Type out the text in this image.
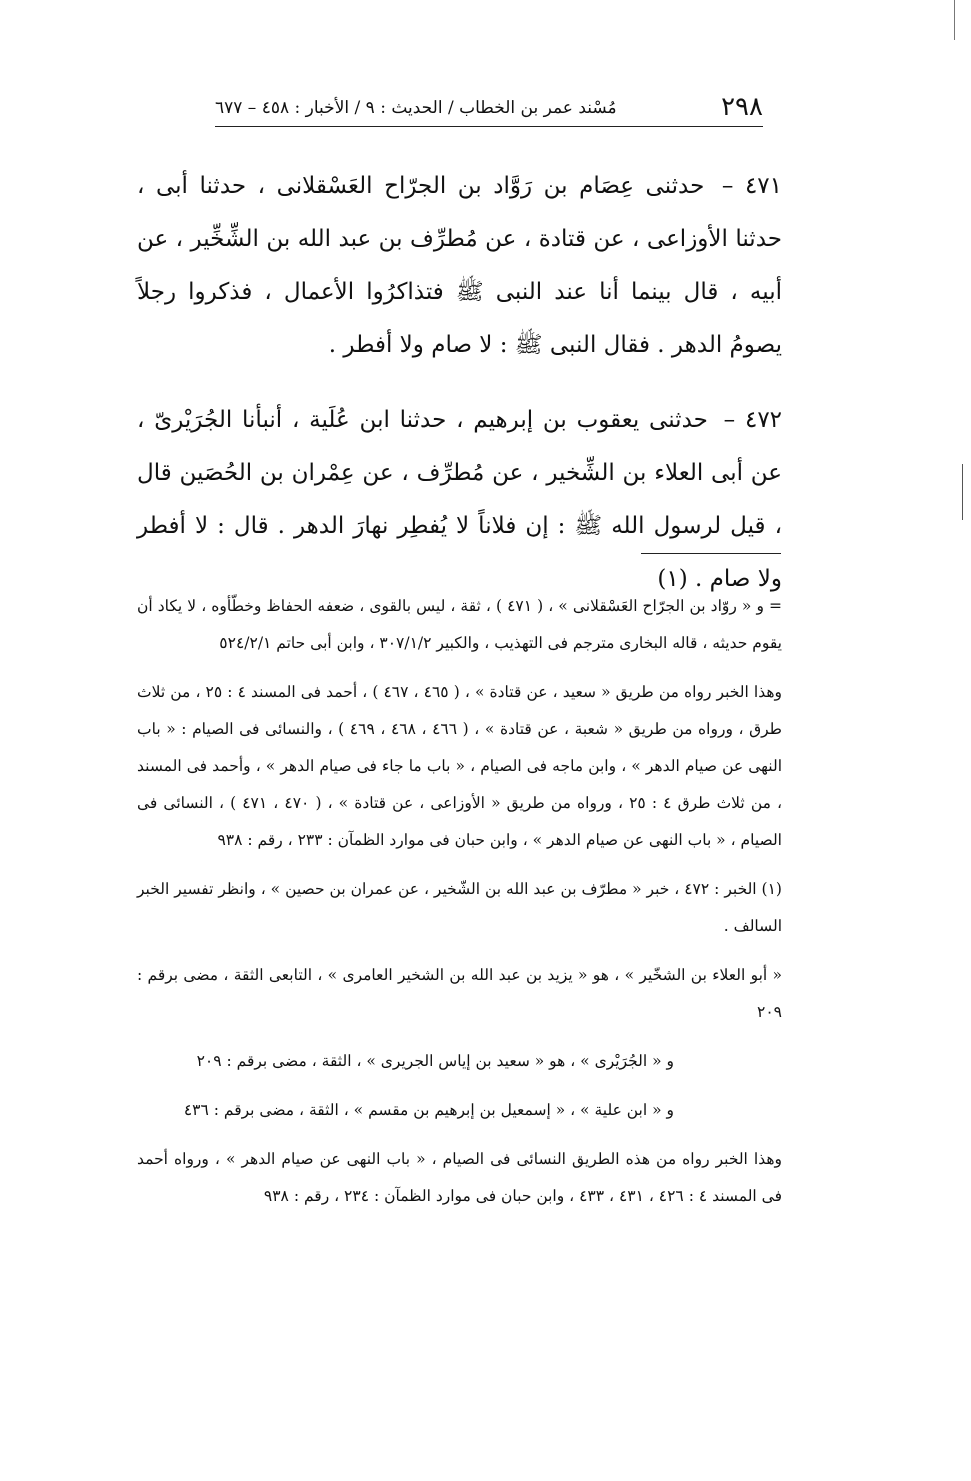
٢٩٨
مُسْند عمر بن الخطاب / الحديث : ٩ / الأخبار : ٤٥٨ – ٦٧٧

٤٧١ – حدثنى عِصَام بن رَوَّاد بن الجرّاح العَسْقلانى ، حدثنا أبى ، حدثنا الأوزاعى ، عن قتادة ، عن مُطرِّف بن عبد الله بن الشِّخِّير ، عن أبيه ، قال بينما أنا عند النبى ﷺ فتذاكرُوا الأعمال ، فذكروا رجلاً يصومُ الدهر . فقال النبى ﷺ : لا صام ولا أفطر .

٤٧٢ – حدثنى يعقوب بن إبرهيم ، حدثنا ابن عُلَية ، أنبأنا الجُرَيْرىّ ، عن أبى العلاء بن الشِّخير ، عن مُطرِّف ، عن عِمْران بن الحُصَين قال ، قيل لرسول الله ﷺ : إن فلاناً لا يُفطِر نهارَ الدهر . قال : لا أفطر ولا صام . (١)

= و « روّاد بن الجرّاح العَسْقلانى » ، ( ٤٧١ ) ، ثقة ، ليس بالقوى ، ضعفه الحفاظ وخطّأوه ، لا يكاد أن يقوم حديثه ، قاله البخارى مترجم فى التهذيب ، والكبير ٣٠٧/١/٢ ، وابن أبى حاتم ٥٢٤/٢/١

وهذا الخبر رواه من طريق « سعيد ، عن قتادة » ، ( ٤٦٥ ، ٤٦٧ ) ، أحمد فى المسند ٤ : ٢٥ ، من ثلاث طرق ، ورواه من طريق « شعبة ، عن قتادة » ، ( ٤٦٦ ، ٤٦٨ ، ٤٦٩ ) ، والنسائى فى الصيام : « باب النهى عن صيام الدهر » ، وابن ماجه فى الصيام ، « باب ما جاء فى صيام الدهر » ، وأحمد فى المسند ، من ثلاث طرق ٤ : ٢٥ ، ورواه من طريق « الأوزاعى ، عن قتادة » ، ( ٤٧٠ ، ٤٧١ ) ، النسائى فى الصيام ، « باب النهى عن صيام الدهر » ، وابن حبان فى موارد الظمآن : ٢٣٣ ، رقم : ٩٣٨

(١) الخبر : ٤٧٢ ، خبر « مطرّف بن عبد الله بن الشّخير ، عن عمران بن حصين » ، وانظر تفسير الخبر السالف .

« أبو العلاء بن الشخّير » ، هو « يزيد بن عبد الله بن الشخير العامرى » ، التابعى الثقة ، مضى برقم : ٢٠٩

و « الجُرَيْرى » ، هو « سعيد بن إياس الجريرى » ، الثقة ، مضى برقم : ٢٠٩

و « ابن علية » ، « إسمعيل بن إبرهيم بن مقسم » ، الثقة ، مضى برقم : ٤٣٦

وهذا الخبر رواه من هذه الطريق النسائى فى الصيام ، « باب النهى عن صيام الدهر » ، ورواه أحمد فى المسند ٤ : ٤٢٦ ، ٤٣١ ، ٤٣٣ ، وابن حبان فى موارد الظمآن : ٢٣٤ ، رقم : ٩٣٨
